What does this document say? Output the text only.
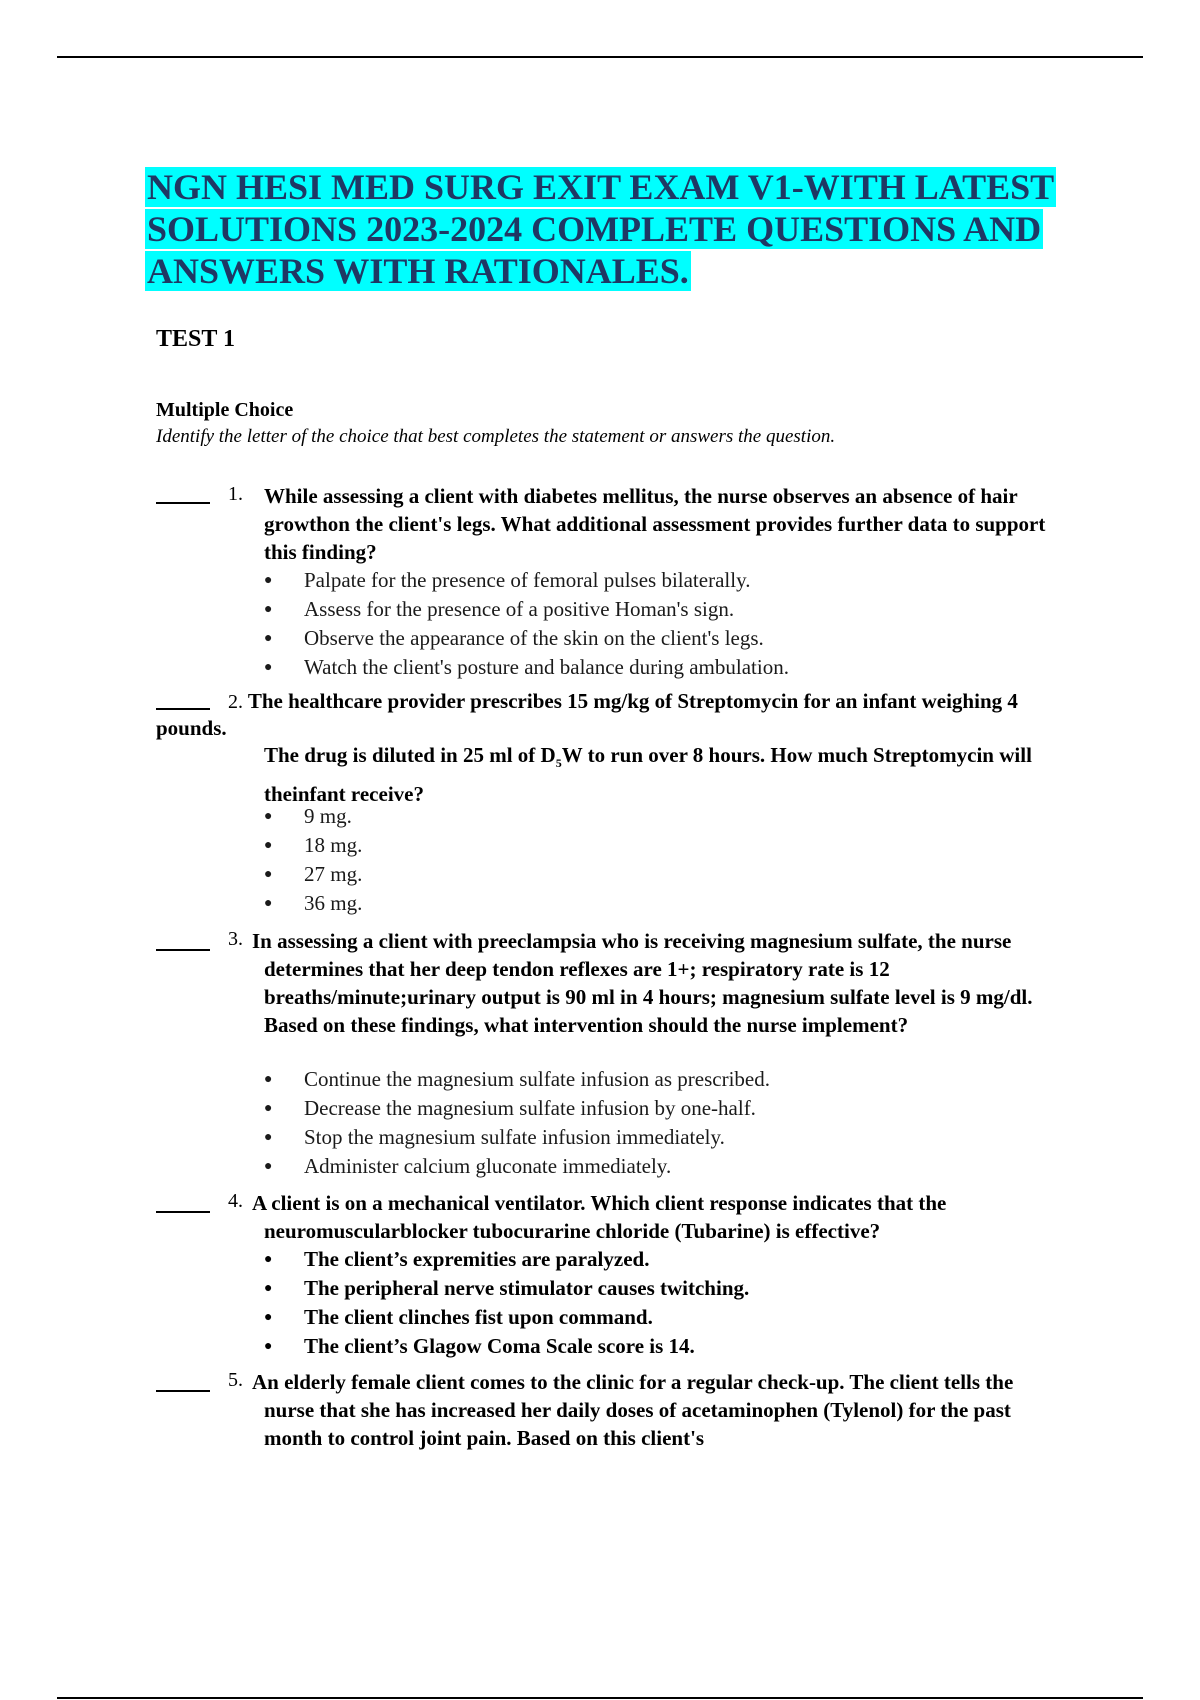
NGN HESI MED SURG EXIT EXAM V1-WITH LATEST
SOLUTIONS 2023-2024 COMPLETE QUESTIONS AND
ANSWERS WITH RATIONALES.
TEST 1

Multiple Choice

Identify the letter of the choice that best completes the statement or answers the question.

1. While assessing a client with diabetes mellitus, the nurse observes an absence of hair growthon the client's legs. What additional assessment provides further data to support this finding?

● Palpate for the presence of femoral pulses bilaterally.
● Assess for the presence of a positive Homan's sign.
● Observe the appearance of the skin on the client's legs.
● Watch the client's posture and balance during ambulation.

2. The healthcare provider prescribes 15 mg/kg of Streptomycin for an infant weighing 4 pounds.

The drug is diluted in 25 ml of $D_5W$ to run over 8 hours. How much Streptomycin will theinfant receive?

● 9 mg.
● 18 mg.
● 27 mg.
● 36 mg.
3. In assessing a client with preeclampsia who is receiving magnesium sulfate, the nurse determines that her deep tendon reflexes are 1+; respiratory rate is 12 breaths/minute;urinary output is 90 ml in 4 hours; magnesium sulfate level is 9 mg/dl. Based on these findings, what intervention should the nurse implement?

● Continue the magnesium sulfate infusion as prescribed.
● Decrease the magnesium sulfate infusion by one-half.
● Stop the magnesium sulfate infusion immediately.
● Administer calcium gluconate immediately.
4. A client is on a mechanical ventilator. Which client response indicates that the neuromuscularblocker tubocurarine chloride (Tubarine) is effective?

● The client’s expremities are paralyzed.
● The peripheral nerve stimulator causes twitching.
● The client clinches fist upon command.
● The client’s Glagow Coma Scale score is 14.
5. An elderly female client comes to the clinic for a regular check-up. The client tells the nurse that she has increased her daily doses of acetaminophen (Tylenol) for the past month to control joint pain. Based on this client's
